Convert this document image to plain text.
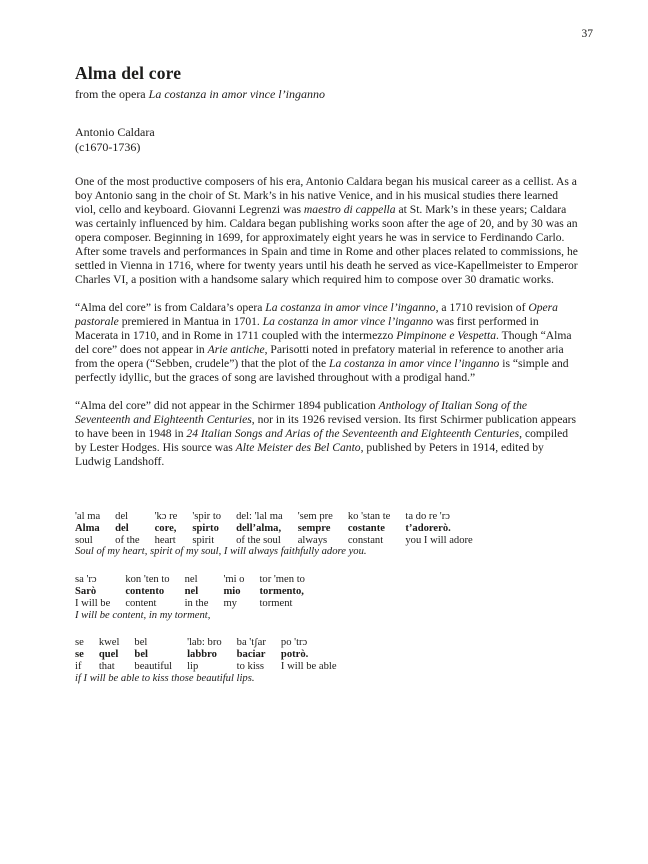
37
Alma del core
from the opera La costanza in amor vince l’inganno
Antonio Caldara
(c1670-1736)

One of the most productive composers of his era, Antonio Caldara began his musical career as a cellist. As a boy Antonio sang in the choir of St. Mark’s in his native Venice, and in his musical studies there learned viol, cello and keyboard. Giovanni Legrenzi was maestro di cappella at St. Mark’s in these years; Caldara was certainly influenced by him. Caldara began publishing works soon after the age of 20, and by 30 was an opera composer. Beginning in 1699, for approximately eight years he was in service to Ferdinando Carlo. After some travels and performances in Spain and time in Rome and other places related to commissions, he settled in Vienna in 1716, where for twenty years until his death he served as vice-Kapellmeister to Emperor Charles VI, a position with a handsome salary which required him to compose over 30 dramatic works.

“Alma del core” is from Caldara’s opera La costanza in amor vince l’inganno, a 1710 revision of Opera pastorale premiered in Mantua in 1701. La costanza in amor vince l’inganno was first performed in Macerata in 1710, and in Rome in 1711 coupled with the intermezzo Pimpinone e Vespetta. Though “Alma del core” does not appear in Arie antiche, Parisotti noted in prefatory material in reference to another aria from the opera (“Sebben, crudele”) that the plot of the La costanza in amor vince l’inganno is “simple and perfectly idyllic, but the graces of song are lavished throughout with a prodigal hand.”

“Alma del core” did not appear in the Schirmer 1894 publication Anthology of Italian Song of the Seventeenth and Eighteenth Centuries, nor in its 1926 revised version. Its first Schirmer publication appears to have been in 1948 in 24 Italian Songs and Arias of the Seventeenth and Eighteenth Centuries, compiled by Lester Hodges. His source was Alte Meister des Bel Canto, published by Peters in 1914, edited by Ludwig Landshoff.

'al ma
Alma
soul
del
del
of the
'kɔ re
core,
heart
'spir to
spirto
spirit
del: 'lal ma
dell’alma,
of the soul
'sem pre
sempre
always
ko 'stan te
costante
constant
ta do re 'rɔ
t’adorerò.
you I will adore
Soul of my heart, spirit of my soul, I will always faithfully adore you.
sa 'rɔ
Sarò
I will be
kon 'ten to
contento
content
nel
nel
in the
'mi o
mio
my
tor 'men to
tormento,
torment
I will be content, in my torment,
se
se
if
kwel
quel
that
bel
bel
beautiful
'lab: bro
labbro
lip
ba 'tʃar
baciar
to kiss
po 'trɔ
potrò.
I will be able
if I will be able to kiss those beautiful lips.
